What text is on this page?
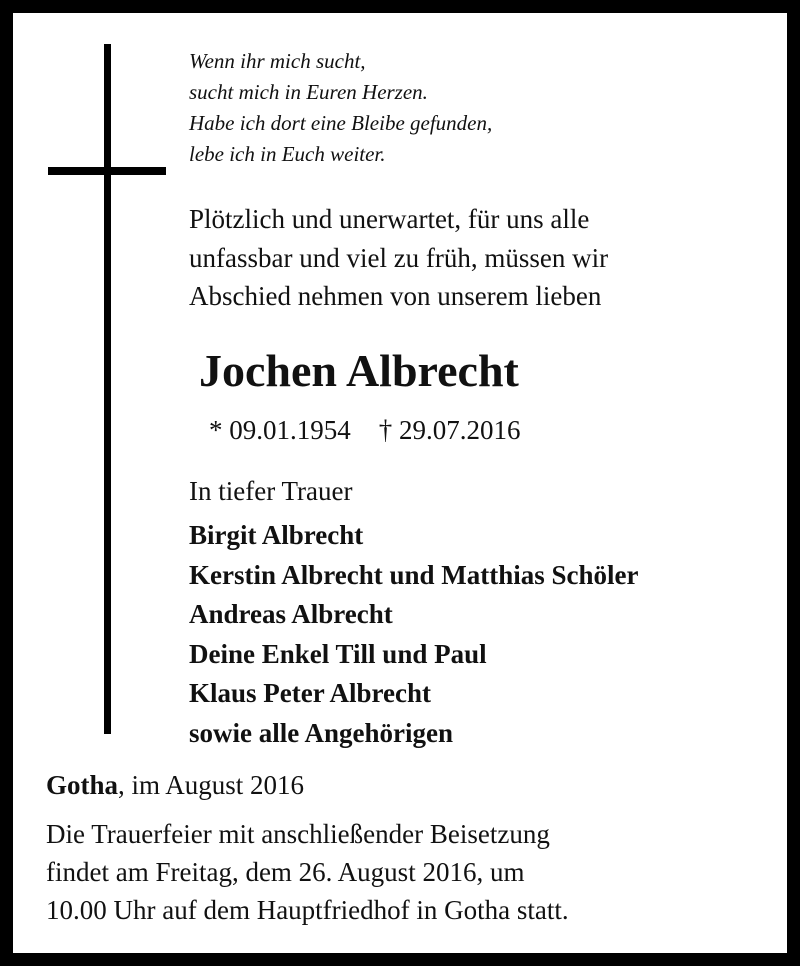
Wenn ihr mich sucht,
sucht mich in Euren Herzen.
Habe ich dort eine Bleibe gefunden,
lebe ich in Euch weiter.
Plötzlich und unerwartet, für uns alle
unfassbar und viel zu früh, müssen wir
Abschied nehmen von unserem lieben
Jochen Albrecht
* 09.01.1954 † 29.07.2016
In tiefer Trauer
Birgit Albrecht
Kerstin Albrecht und Matthias Schöler
Andreas Albrecht
Deine Enkel Till und Paul
Klaus Peter Albrecht
sowie alle Angehörigen
Gotha, im August 2016
Die Trauerfeier mit anschließender Beisetzung
findet am Freitag, dem 26. August 2016, um
10.00 Uhr auf dem Hauptfriedhof in Gotha statt.
